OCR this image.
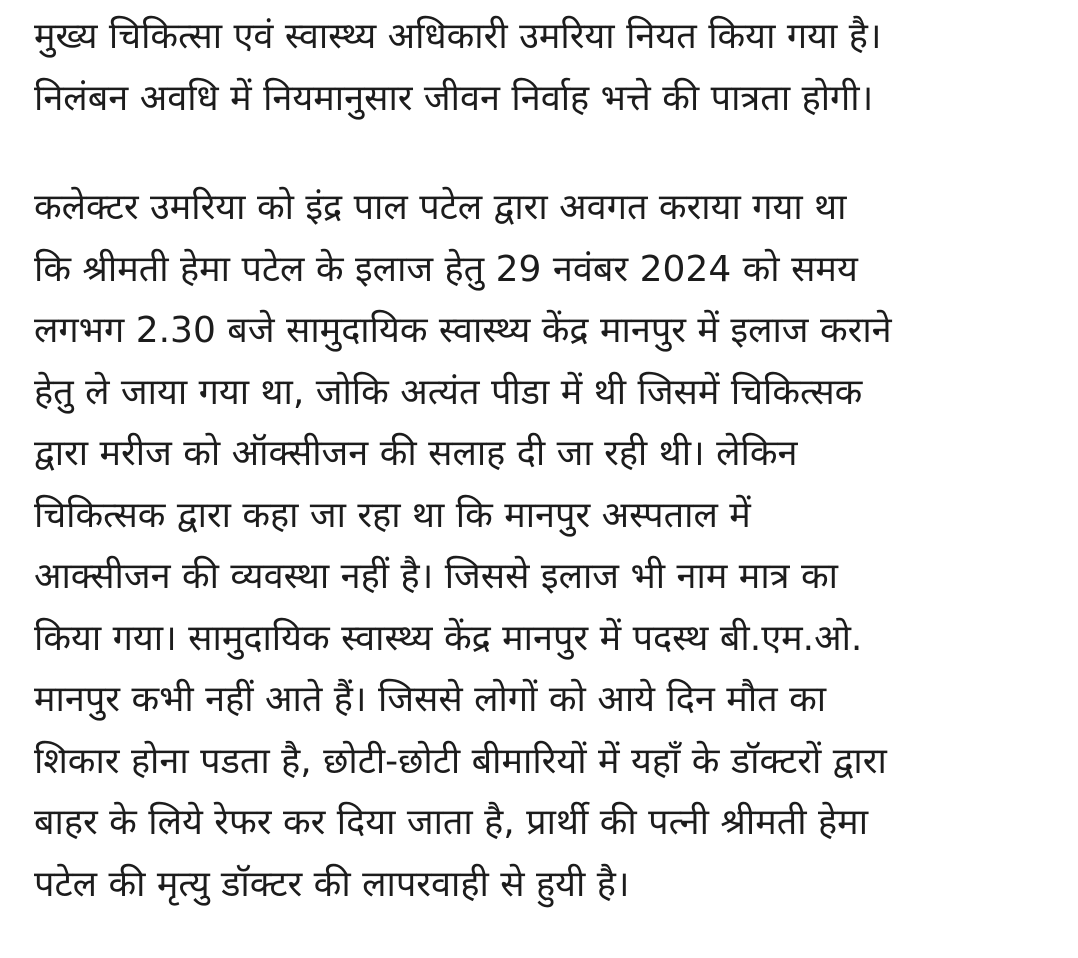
मुख्य चिकित्सा एवं स्वास्थ्य अधिकारी उमरिया नियत किया गया है।
निलंबन अवधि में नियमानुसार जीवन निर्वाह भत्ते की पात्रता होगी।
कलेक्टर उमरिया को इंद्र पाल पटेल द्वारा अवगत कराया गया था
कि श्रीमती हेमा पटेल के इलाज हेतु 29 नवंबर 2024 को समय
लगभग 2.30 बजे सामुदायिक स्वास्थ्य केंद्र मानपुर में इलाज कराने
हेतु ले जाया गया था, जोकि अत्यंत पीडा में थी जिसमें चिकित्सक
द्वारा मरीज को ऑक्सीजन की सलाह दी जा रही थी। लेकिन
चिकित्सक द्वारा कहा जा रहा था कि मानपुर अस्पताल में
आक्सीजन की व्यवस्था नहीं है। जिससे इलाज भी नाम मात्र का
किया गया। सामुदायिक स्वास्थ्य केंद्र मानपुर में पदस्थ बी.एम.ओ.
मानपुर कभी नहीं आते हैं। जिससे लोगों को आये दिन मौत का
शिकार होना पडता है, छोटी-छोटी बीमारियों में यहाँ के डॉक्टरों द्वारा
बाहर के लिये रेफर कर दिया जाता है, प्रार्थी की पत्नी श्रीमती हेमा
पटेल की मृत्यु डॉक्टर की लापरवाही से हुयी है।
